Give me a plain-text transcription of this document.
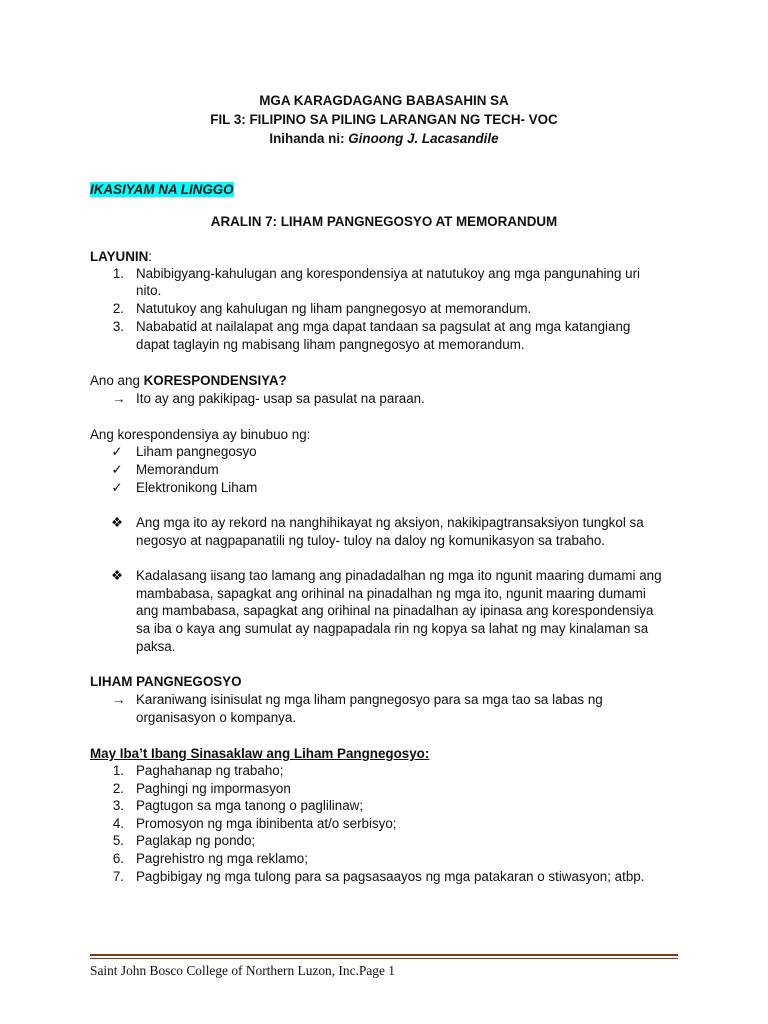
MGA KARAGDAGANG BABASAHIN SA
FIL 3: FILIPINO SA PILING LARANGAN NG TECH- VOC
Inihanda ni: Ginoong J. Lacasandile
IKASIYAM NA LINGGO
ARALIN 7: LIHAM PANGNEGOSYO AT MEMORANDUM
LAYUNIN:
1. Nabibigyang-kahulugan ang korespondensiya at natutukoy ang mga pangunahing uri
nito.
2. Natutukoy ang kahulugan ng liham pangnegosyo at memorandum.
3. Nababatid at nailalapat ang mga dapat tandaan sa pagsulat at ang mga katangiang
dapat taglayin ng mabisang liham pangnegosyo at memorandum.
Ano ang KORESPONDENSIYA?
→ Ito ay ang pakikipag- usap sa pasulat na paraan.
Ang korespondensiya ay binubuo ng:
✓ Liham pangnegosyo
✓ Memorandum
✓ Elektronikong Liham
❖ Ang mga ito ay rekord na nanghihikayat ng aksiyon, nakikipagtransaksiyon tungkol sa
negosyo at nagpapanatili ng tuloy- tuloy na daloy ng komunikasyon sa trabaho.
❖ Kadalasang iisang tao lamang ang pinadadalhan ng mga ito ngunit maaring dumami ang
mambabasa, sapagkat ang orihinal na pinadalhan ng mga ito, ngunit maaring dumami
ang mambabasa, sapagkat ang orihinal na pinadalhan ay ipinasa ang korespondensiya
sa iba o kaya ang sumulat ay nagpapadala rin ng kopya sa lahat ng may kinalaman sa
paksa.
LIHAM PANGNEGOSYO
→ Karaniwang isinisulat ng mga liham pangnegosyo para sa mga tao sa labas ng
organisasyon o kompanya.
May Iba’t Ibang Sinasaklaw ang Liham Pangnegosyo:
1. Paghahanap ng trabaho;
2. Paghingi ng impormasyon
3. Pagtugon sa mga tanong o paglilinaw;
4. Promosyon ng mga ibinibenta at/o serbisyo;
5. Paglakap ng pondo;
6. Pagrehistro ng mga reklamo;
7. Pagbibigay ng mga tulong para sa pagsasaayos ng mga patakaran o stiwasyon; atbp.
Saint John Bosco College of Northern Luzon, Inc.Page 1
